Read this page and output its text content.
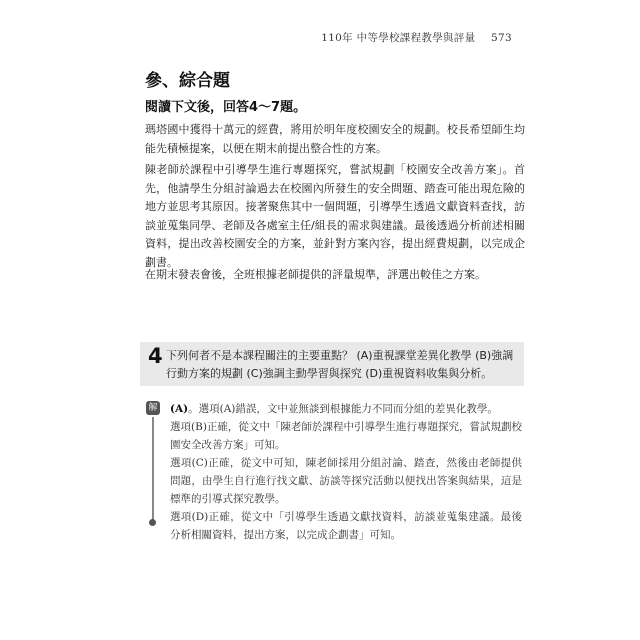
110年 中等學校課程教學與評量 573
參、綜合題
閱讀下文後，回答4～7題。

瑪塔國中獲得十萬元的經費，將用於明年度校園安全的規劃。校長希望師生均能先積極提案，以便在期末前提出整合性的方案。

陳老師於課程中引導學生進行專題探究，嘗試規劃「校園安全改善方案」。首先，他請學生分組討論過去在校園內所發生的安全問題、踏查可能出現危險的地方並思考其原因。接著聚焦其中一個問題，引導學生透過文獻資料查找，訪談並蒐集同學、老師及各處室主任/組長的需求與建議。最後透過分析前述相關資料，提出改善校園安全的方案，並針對方案內容，提出經費規劃，以完成企劃書。

在期末發表會後，全班根據老師提供的評量規準，評選出較佳之方案。

4 下列何者不是本課程關注的主要重點？ (A)重視課堂差異化教學 (B)強調行動方案的規劃 (C)強調主動學習與探究 (D)重視資料收集與分析。

解 (A)。選項(A)錯誤，文中並無談到根據能力不同而分組的差異化教學。

選項(B)正確，從文中「陳老師於課程中引導學生進行專題探究，嘗試規劃校園安全改善方案」可知。

選項(C)正確，從文中可知，陳老師採用分組討論、踏查，然後由老師提供問題，由學生自行進行找文獻、訪談等探究活動以便找出答案與結果，這是標準的引導式探究教學。

選項(D)正確，從文中「引導學生透過文獻找資料，訪談並蒐集建議。最後分析相關資料，提出方案，以完成企劃書」可知。
